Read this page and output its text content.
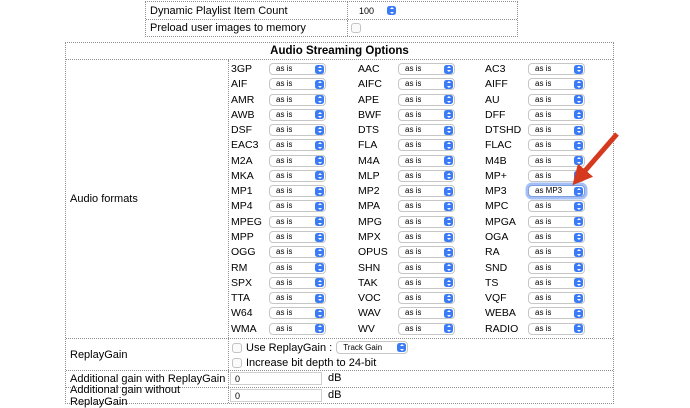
Dynamic Playlist Item Count	100
Preload user images to memory
Audio Streaming Options
Audio formats
3GP	as is	AAC	as is	AC3	as is
AIF	as is	AIFC	as is	AIFF	as is
AMR	as is	APE	as is	AU	as is
AWB	as is	BWF	as is	DFF	as is
DSF	as is	DTS	as is	DTSHD as is
EAC3 as is	FLA	as is	FLAC	as is
M2A	as is	M4A	as is	M4B	as is
MKA	as is	MLP	as is	MP+	as is
MP1	as is	MP2	as is	MP3	as MP3
MP4	as is	MPA	as is	MPC	as is
MPEG as is	MPG	as is	MPGA as is
MPP	as is	MPX	as is	OGA	as is
OGG	as is	OPUS as is	RA	as is
RM	as is	SHN	as is	SND	as is
SPX	as is	TAK	as is	TS	as is
TTA	as is	VOC	as is	VQF	as is
W64	as is	WAV	as is	WEBA as is
WMA as is	WV	as is	RADIO as is
ReplayGain
Use ReplayGain : Track Gain
Increase bit depth to 24-bit
Additional gain with ReplayGain
0	dB
Additional gain without ReplayGain
0
dB
